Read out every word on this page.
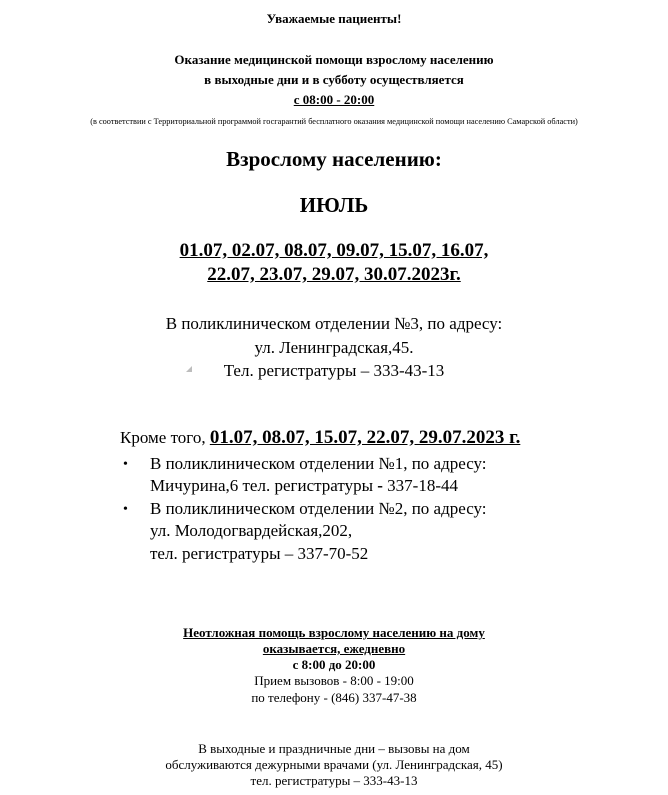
Уважаемые пациенты!
Оказание медицинской помощи взрослому населению
в выходные дни и в субботу осуществляется
с 08:00 - 20:00
(в соответствии с Территориальной программой госгарантий бесплатного оказания медицинской помощи населению Самарской области)
Взрослому населению:
ИЮЛЬ
01.07, 02.07, 08.07, 09.07, 15.07, 16.07,
22.07, 23.07, 29.07, 30.07.2023г.
В поликлиническом отделении №3, по адресу:
ул. Ленинградская,45.
Тел. регистратуры – 333-43-13
Кроме того, 01.07, 08.07, 15.07, 22.07, 29.07.2023 г.
• В поликлиническом отделении №1, по адресу:
Мичурина,6 тел. регистратуры - 337-18-44
• В поликлиническом отделении №2, по адресу:
ул. Молодогвардейская,202,
тел. регистратуры – 337-70-52
Неотложная помощь взрослому населению на дому
оказывается, ежедневно
с 8:00 до 20:00
Прием вызовов - 8:00 - 19:00
по телефону - (846) 337-47-38
В выходные и праздничные дни – вызовы на дом
обслуживаются дежурными врачами (ул. Ленинградская, 45)
тел. регистратуры – 333-43-13
